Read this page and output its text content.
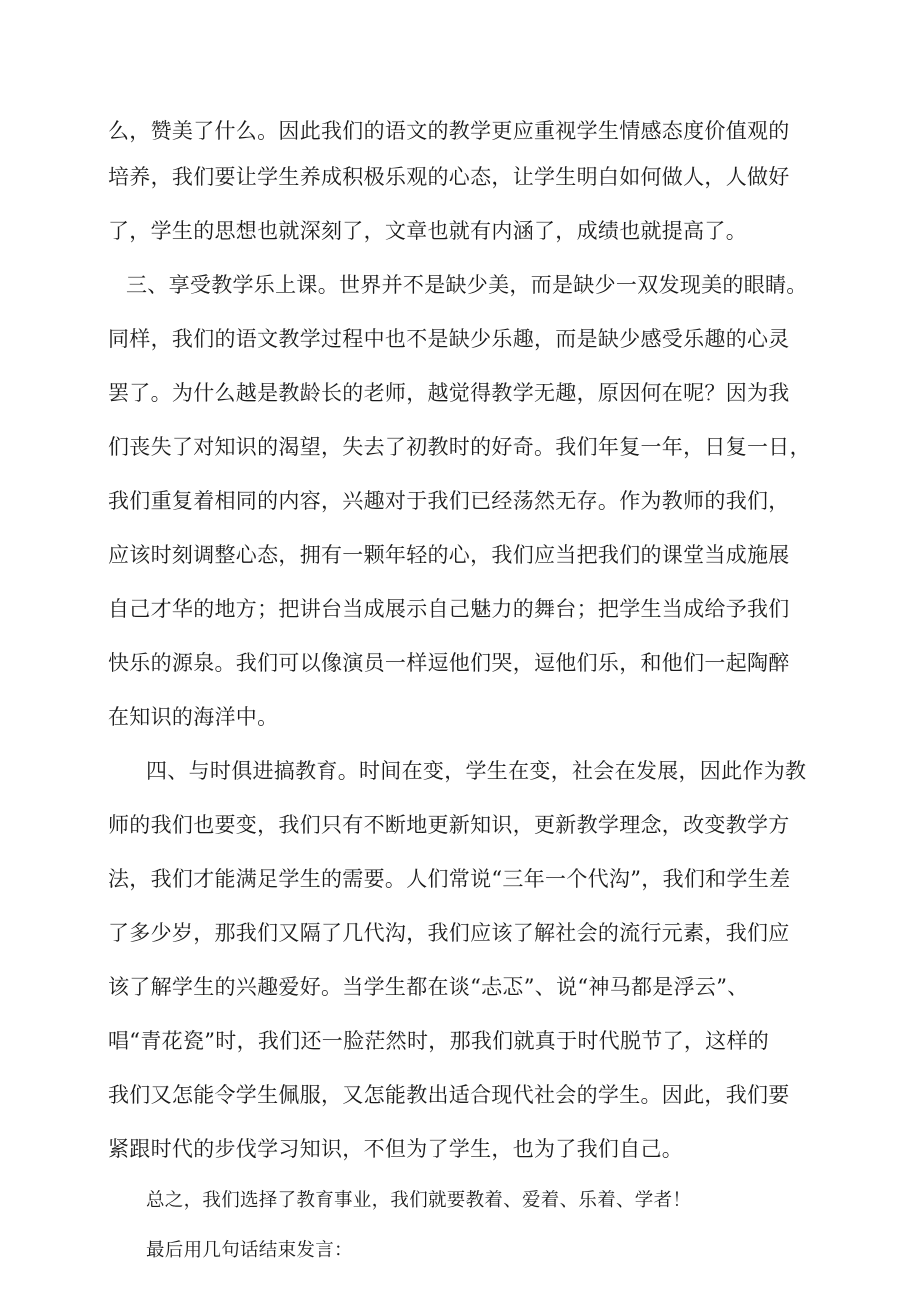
么，赞美了什么。因此我们的语文的教学更应重视学生情感态度价值观的

培养，我们要让学生养成积极乐观的心态，让学生明白如何做人，人做好

了，学生的思想也就深刻了，文章也就有内涵了，成绩也就提高了。

三、享受教学乐上课。世界并不是缺少美，而是缺少一双发现美的眼睛。

同样，我们的语文教学过程中也不是缺少乐趣，而是缺少感受乐趣的心灵

罢了。为什么越是教龄长的老师，越觉得教学无趣，原因何在呢？因为我

们丧失了对知识的渴望，失去了初教时的好奇。我们年复一年，日复一日，

我们重复着相同的内容，兴趣对于我们已经荡然无存。作为教师的我们，

应该时刻调整心态，拥有一颗年轻的心，我们应当把我们的课堂当成施展

自己才华的地方；把讲台当成展示自己魅力的舞台；把学生当成给予我们

快乐的源泉。我们可以像演员一样逗他们哭，逗他们乐，和他们一起陶醉

在知识的海洋中。

四、与时俱进搞教育。时间在变，学生在变，社会在发展，因此作为教

师的我们也要变，我们只有不断地更新知识，更新教学理念，改变教学方

法，我们才能满足学生的需要。人们常说“三年一个代沟”，我们和学生差

了多少岁，那我们又隔了几代沟，我们应该了解社会的流行元素，我们应

该了解学生的兴趣爱好。当学生都在谈“忐忑”、说“神马都是浮云”、

唱“青花瓷”时，我们还一脸茫然时，那我们就真于时代脱节了，这样的

我们又怎能令学生佩服，又怎能教出适合现代社会的学生。因此，我们要

紧跟时代的步伐学习知识，不但为了学生，也为了我们自己。

总之，我们选择了教育事业，我们就要教着、爱着、乐着、学者！

最后用几句话结束发言：
